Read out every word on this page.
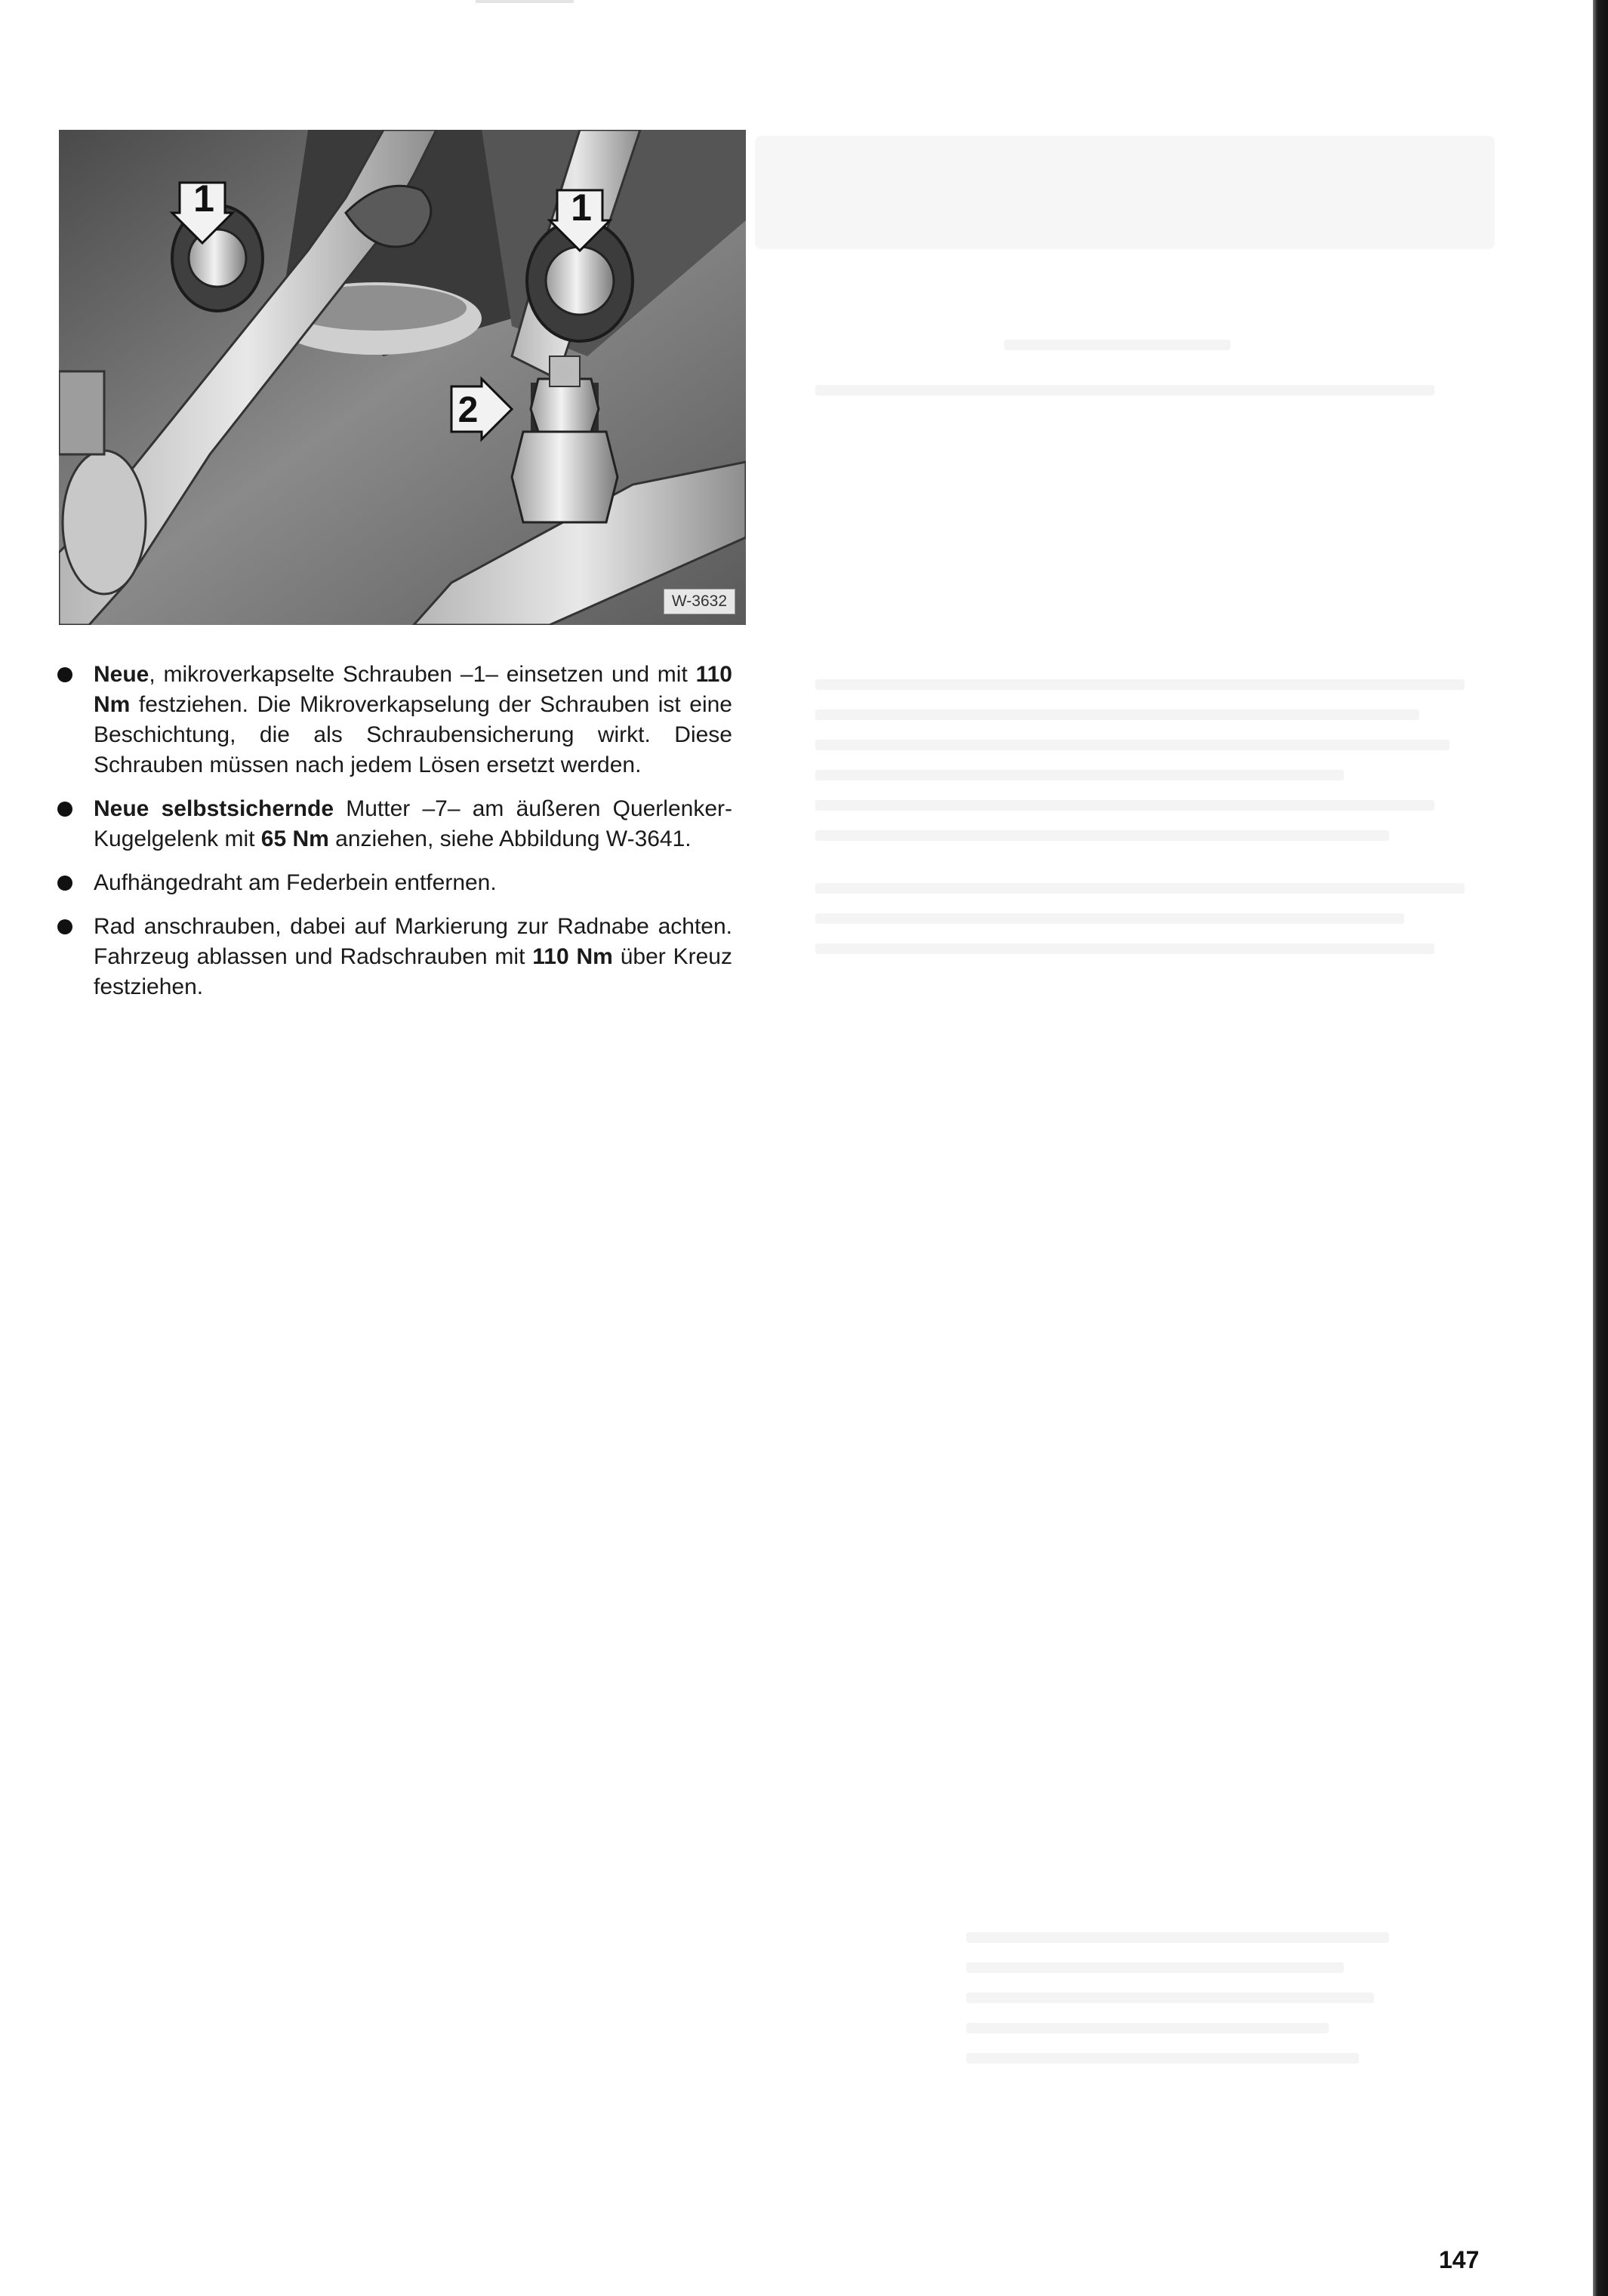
1	1
2
W-3632
Neue, mikroverkapselte Schrauben –1– einsetzen und mit 110 Nm festziehen. Die Mikroverkapselung der Schrauben ist eine Beschichtung, die als Schraubensicherung wirkt. Diese Schrauben müssen nach jedem Lösen ersetzt werden.
Neue selbstsichernde Mutter –7– am äußeren Querlenker-Kugelgelenk mit 65 Nm anziehen, siehe Abbildung W-3641.
Aufhängedraht am Federbein entfernen.
Rad anschrauben, dabei auf Markierung zur Radnabe achten. Fahrzeug ablassen und Radschrauben mit 110 Nm über Kreuz festziehen.
147
